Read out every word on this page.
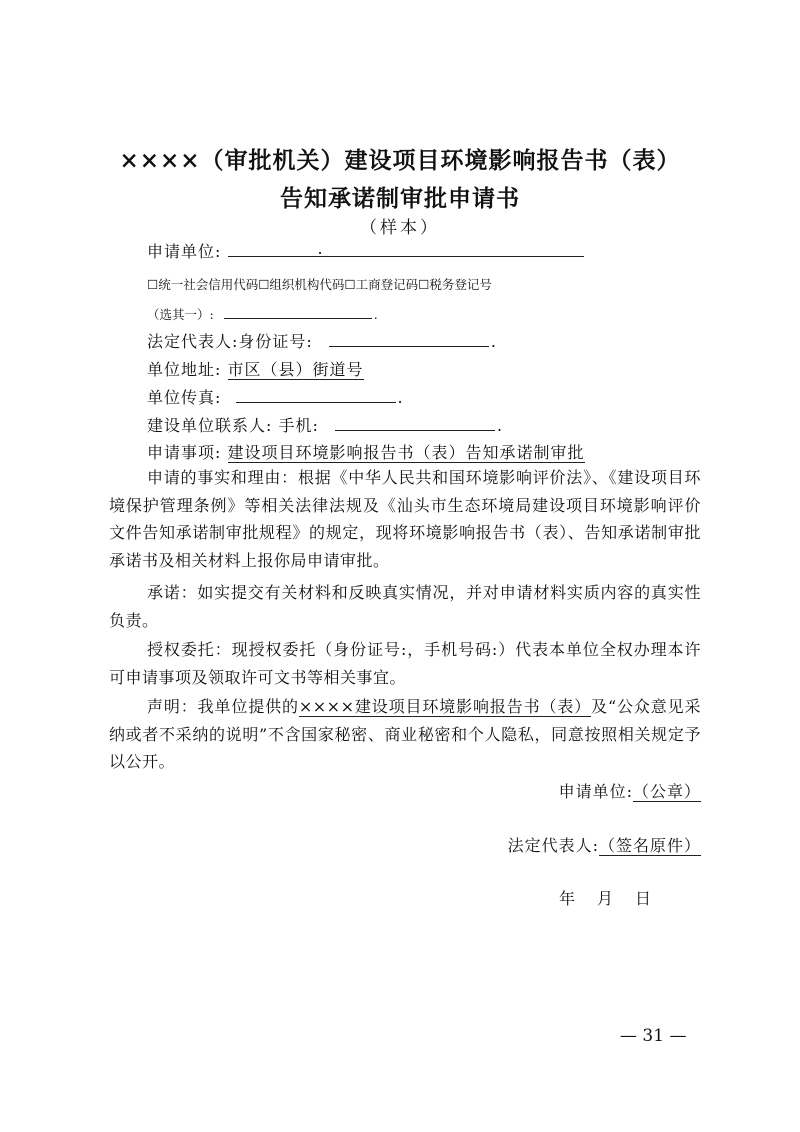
××××（审批机关）建设项目环境影响报告书（表）
告知承诺制审批申请书
（样本）
申请单位:	.
☐统一社会信用代码☐组织机构代码☐工商登记码☐税务登记号
（选其一）:	.
法定代表人:身份证号:	.
单位地址: 市区（县）街道号
单位传真:	.
建设单位联系人: 手机:	.
申请事项: 建设项目环境影响报告书（表）告知承诺制审批

申请的事实和理由：根据《中华人民共和国环境影响评价法》、《建设项目环境保护管理条例》等相关法律法规及《汕头市生态环境局建设项目环境影响评价文件告知承诺制审批规程》的规定，现将环境影响报告书（表）、告知承诺制审批承诺书及相关材料上报你局申请审批。

承诺：如实提交有关材料和反映真实情况，并对申请材料实质内容的真实性负责。

授权委托：现授权委托（身份证号:，手机号码:）代表本单位全权办理本许可申请事项及领取许可文书等相关事宜。

声明：我单位提供的××××建设项目环境影响报告书（表）及“公众意见采纳或者不采纳的说明”不含国家秘密、商业秘密和个人隐私，同意按照相关规定予以公开。

申请单位:（公章）
法定代表人:（签名原件）
年 月 日
— 31 —
